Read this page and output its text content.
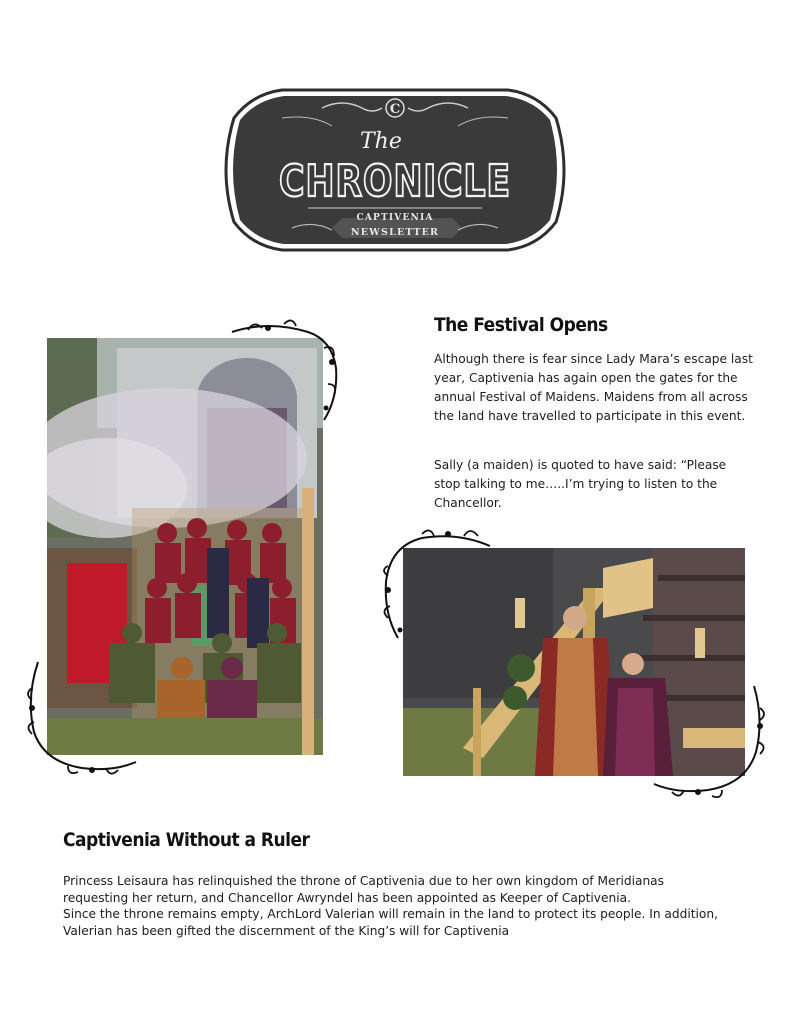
C
The
CHRONICLE
CAPTIVENIA
NEWSLETTER
The Festival Opens

Although there is fear since Lady Mara’s escape last year, Captivenia has again open the gates for the annual Festival of Maidens. Maidens from all across the land have travelled to participate in this event.

Sally (a maiden) is quoted to have said: “Please stop talking to me…..I’m trying to listen to the Chancellor.

Captivenia Without a Ruler
Princess Leisaura has relinquished the throne of Captivenia due to her own kingdom of Meridianas
requesting her return, and Chancellor Awryndel has been appointed as Keeper of Captivenia.
Since the throne remains empty, ArchLord Valerian will remain in the land to protect its people. In addition,
Valerian has been gifted the discernment of the King’s will for Captivenia
